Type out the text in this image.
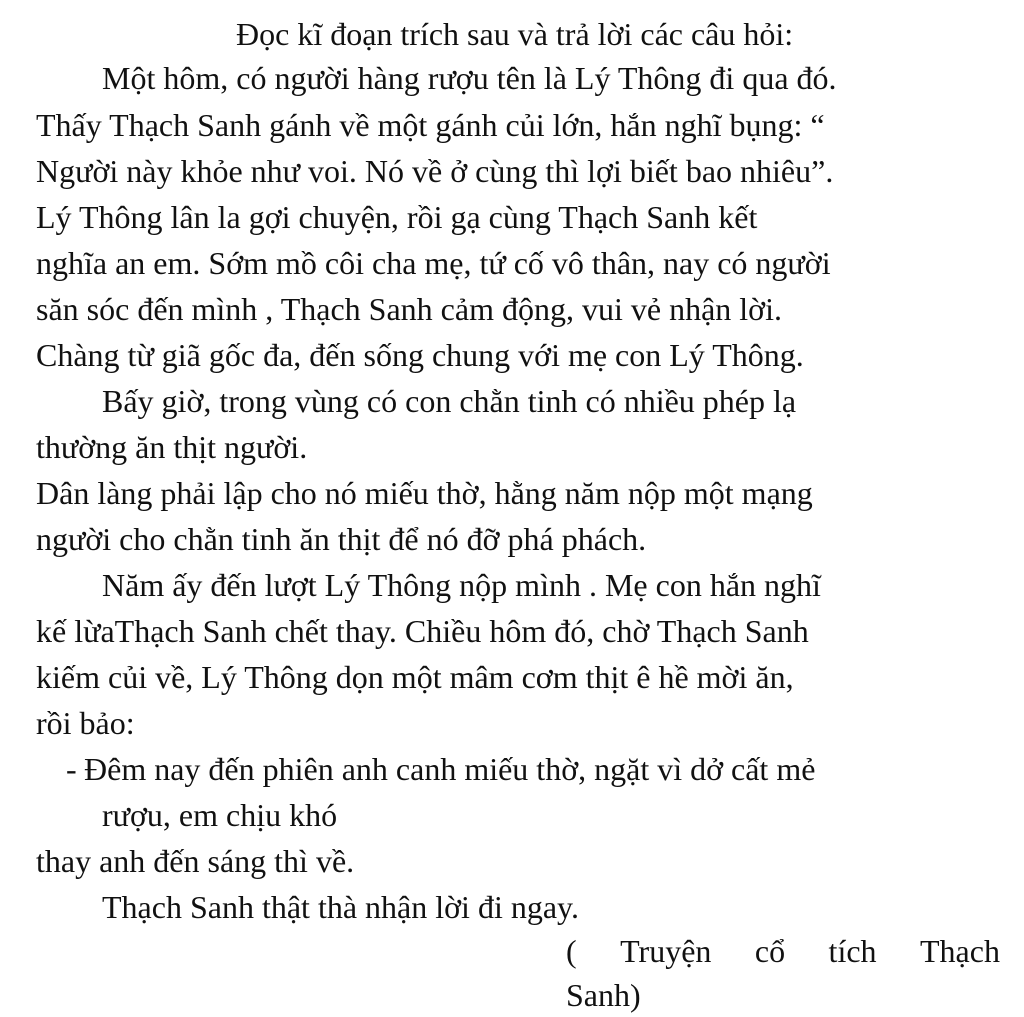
Đọc kĩ đoạn trích sau và trả lời các câu hỏi:
Một hôm, có người hàng rượu tên là Lý Thông đi qua đó.
Thấy Thạch Sanh gánh về một gánh củi lớn, hắn nghĩ bụng: “
Người này khỏe như voi. Nó về ở cùng thì lợi biết bao nhiêu”.
Lý Thông lân la gợi chuyện, rồi gạ cùng Thạch Sanh kết
nghĩa an em. Sớm mồ côi cha mẹ, tứ cố vô thân, nay có người
săn sóc đến mình , Thạch Sanh cảm động, vui vẻ nhận lời.
Chàng từ giã gốc đa, đến sống chung với mẹ con Lý Thông.
Bấy giờ, trong vùng có con chằn tinh có nhiều phép lạ
thường ăn thịt người.
Dân làng phải lập cho nó miếu thờ, hằng năm nộp một mạng
người cho chằn tinh ăn thịt để nó đỡ phá phách.
Năm ấy đến lượt Lý Thông nộp mình . Mẹ con hắn nghĩ
kế lừaThạch Sanh chết thay. Chiều hôm đó, chờ Thạch Sanh
kiếm củi về, Lý Thông dọn một mâm cơm thịt ê hề mời ăn,
rồi bảo:
- Đêm nay đến phiên anh canh miếu thờ, ngặt vì dở cất mẻ
rượu, em chịu khó
thay anh đến sáng thì về.
Thạch Sanh thật thà nhận lời đi ngay.
( Truyện cổ tích Thạch
Sanh)
